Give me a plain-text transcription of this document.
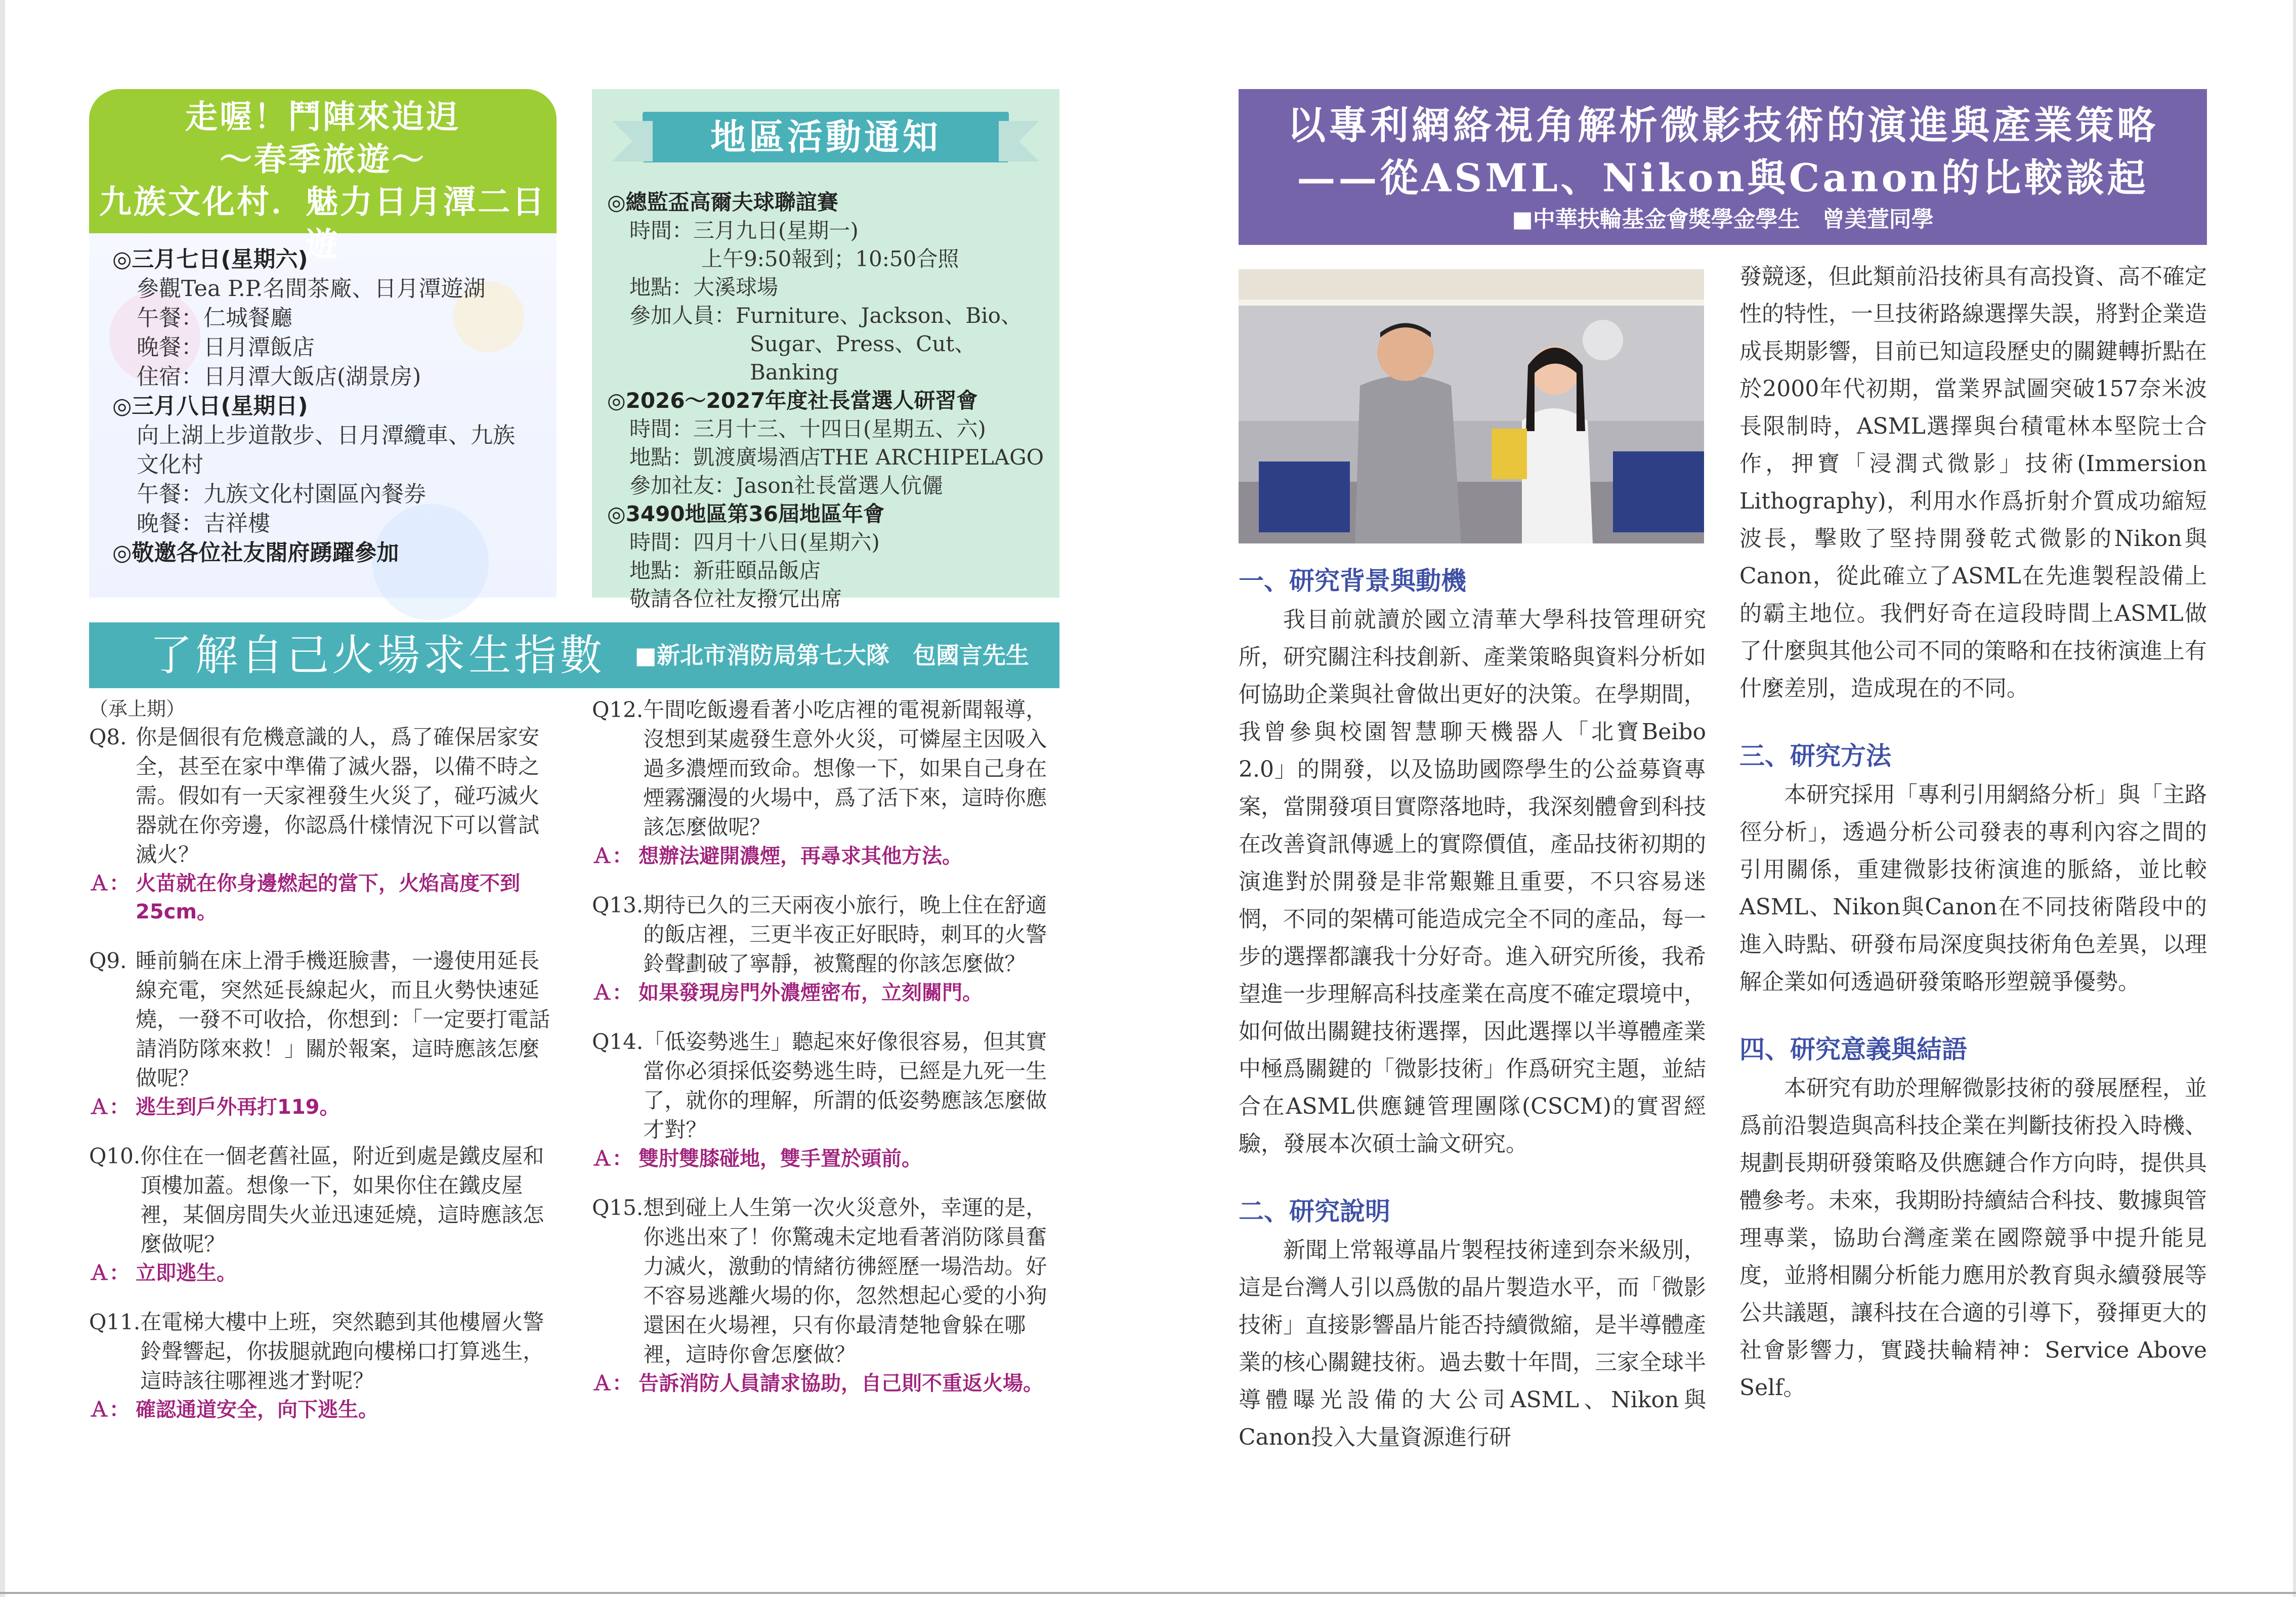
走喔！鬥陣來迫迌
～春季旅遊～
九族文化村．魅力日月潭二日遊
◎三月七日(星期六)
參觀Tea P.P.名間茶廠、日月潭遊湖
午餐：仁城餐廳
晚餐：日月潭飯店
住宿：日月潭大飯店(湖景房)
◎三月八日(星期日)
向上湖上步道散步、日月潭纜車、九族
文化村
午餐：九族文化村園區內餐券
晚餐：吉祥樓
◎敬邀各位社友閤府踴躍參加
地區活動通知
◎總監盃高爾夫球聯誼賽
時間：三月九日(星期一)
上午9:50報到；10:50合照
地點：大溪球場
參加人員：Furniture、Jackson、Bio、
Sugar、Press、Cut、Banking
◎2026～2027年度社長當選人研習會
時間：三月十三、十四日(星期五、六)
地點：凱渡廣場酒店THE ARCHIPELAGO
參加社友：Jason社長當選人伉儷
◎3490地區第36屆地區年會
時間：四月十八日(星期六)
地點：新莊頤品飯店
敬請各位社友撥冗出席
了解自己火場求生指數 ■新北市消防局第七大隊　包國言先生
（承上期）
Q8. 你是個很有危機意識的人，爲了確保居家安全，甚至在家中準備了滅火器，以備不時之需。假如有一天家裡發生火災了，碰巧滅火器就在你旁邊，你認爲什樣情況下可以嘗試滅火？
Ａ： 火苗就在你身邊燃起的當下，火焰高度不到25cm。
Q9. 睡前躺在床上滑手機逛臉書，一邊使用延長線充電，突然延長線起火，而且火勢快速延燒，一發不可收拾，你想到：「一定要打電話請消防隊來救！」關於報案，這時應該怎麼做呢？
Ａ： 逃生到戶外再打119。
Q10. 你住在一個老舊社區，附近到處是鐵皮屋和頂樓加蓋。想像一下，如果你住在鐵皮屋裡，某個房間失火並迅速延燒，這時應該怎麼做呢？
Ａ： 立即逃生。
Q11. 在電梯大樓中上班，突然聽到其他樓層火警鈴聲響起，你拔腿就跑向樓梯口打算逃生，這時該往哪裡逃才對呢？
Ａ： 確認通道安全，向下逃生。
Q12. 午間吃飯邊看著小吃店裡的電視新聞報導，沒想到某處發生意外火災，可憐屋主因吸入過多濃煙而致命。想像一下，如果自己身在煙霧瀰漫的火場中，爲了活下來，這時你應該怎麼做呢？
Ａ： 想辦法避開濃煙，再尋求其他方法。
Q13. 期待已久的三天兩夜小旅行，晚上住在舒適的飯店裡，三更半夜正好眠時，刺耳的火警鈴聲劃破了寧靜，被驚醒的你該怎麼做？
Ａ： 如果發現房門外濃煙密布，立刻關門。
Q14. 「低姿勢逃生」聽起來好像很容易，但其實當你必須採低姿勢逃生時，已經是九死一生了，就你的理解，所謂的低姿勢應該怎麼做才對？
Ａ： 雙肘雙膝碰地，雙手置於頭前。
Q15. 想到碰上人生第一次火災意外，幸運的是，你逃出來了！你驚魂未定地看著消防隊員奮力滅火，激動的情緒彷彿經歷一場浩劫。好不容易逃離火場的你，忽然想起心愛的小狗還困在火場裡，只有你最清楚牠會躲在哪裡，這時你會怎麼做？
Ａ： 告訴消防人員請求協助，自己則不重返火場。
以專利網絡視角解析微影技術的演進與產業策略
——從ASML、Nikon與Canon的比較談起
■中華扶輪基金會獎學金學生　曾美萱同學
一、研究背景與動機
我目前就讀於國立清華大學科技管理研究所，研究關注科技創新、產業策略與資料分析如何協助企業與社會做出更好的決策。在學期間，我曾參與校園智慧聊天機器人「北寶Beibo 2.0」的開發，以及協助國際學生的公益募資專案，當開發項目實際落地時，我深刻體會到科技在改善資訊傳遞上的實際價值，產品技術初期的演進對於開發是非常艱難且重要，不只容易迷惘，不同的架構可能造成完全不同的產品，每一步的選擇都讓我十分好奇。進入研究所後，我希望進一步理解高科技產業在高度不確定環境中，如何做出關鍵技術選擇，因此選擇以半導體產業中極爲關鍵的「微影技術」作爲研究主題，並結合在ASML供應鏈管理團隊(CSCM)的實習經驗，發展本次碩士論文研究。
二、研究說明
新聞上常報導晶片製程技術達到奈米級別，這是台灣人引以爲傲的晶片製造水平，而「微影技術」直接影響晶片能否持續微縮，是半導體產業的核心關鍵技術。過去數十年間，三家全球半導體曝光設備的大公司ASML、Nikon與Canon投入大量資源進行研
發競逐，但此類前沿技術具有高投資、高不確定性的特性，一旦技術路線選擇失誤，將對企業造成長期影響，目前已知這段歷史的關鍵轉折點在於2000年代初期，當業界試圖突破157奈米波長限制時，ASML選擇與台積電林本堅院士合作，押寶「浸潤式微影」技術(Immersion Lithography)，利用水作爲折射介質成功縮短波長，擊敗了堅持開發乾式微影的Nikon與Canon，從此確立了ASML在先進製程設備上的霸主地位。我們好奇在這段時間上ASML做了什麼與其他公司不同的策略和在技術演進上有什麼差別，造成現在的不同。
三、研究方法
本研究採用「專利引用網絡分析」與「主路徑分析」，透過分析公司發表的專利內容之間的引用關係，重建微影技術演進的脈絡，並比較ASML、Nikon與Canon在不同技術階段中的進入時點、研發布局深度與技術角色差異，以理解企業如何透過研發策略形塑競爭優勢。
四、研究意義與結語
本研究有助於理解微影技術的發展歷程，並爲前沿製造與高科技企業在判斷技術投入時機、規劃長期研發策略及供應鏈合作方向時，提供具體參考。未來，我期盼持續結合科技、數據與管理專業，協助台灣產業在國際競爭中提升能見度，並將相關分析能力應用於教育與永續發展等公共議題，讓科技在合適的引導下，發揮更大的社會影響力，實踐扶輪精神：Service Above Self。
